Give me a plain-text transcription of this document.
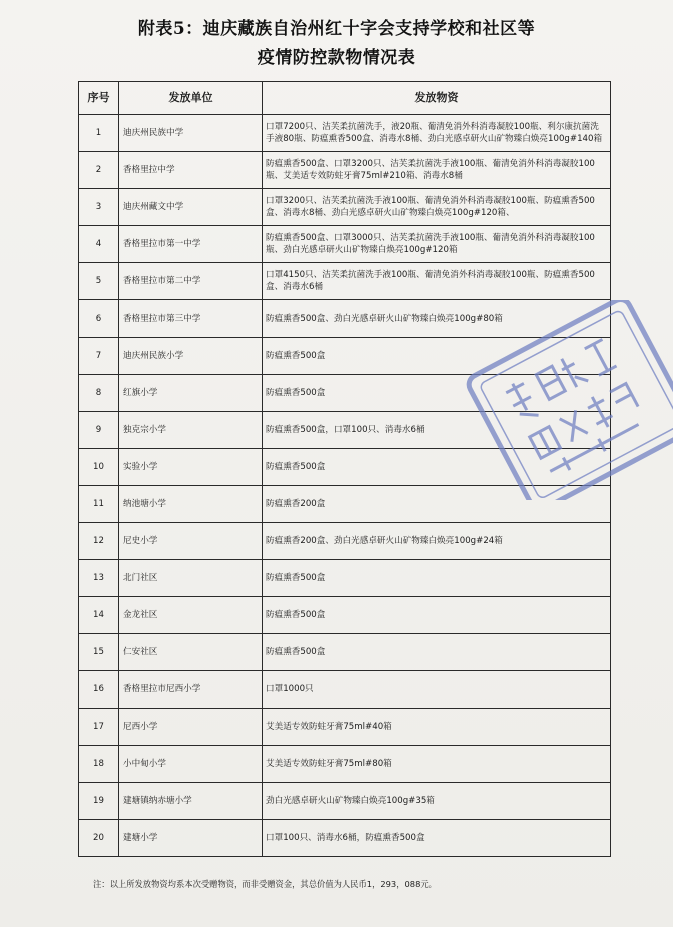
附表5：迪庆藏族自治州红十字会支持学校和社区等
疫情防控款物情况表
序号	发放单位	发放物资
1	迪庆州民族中学	口罩7200只、洁芙柔抗菌洗手，液20瓶、葡清免消外科消毒凝胶100瓶、利尔康抗菌洗手液80瓶、防瘟熏香500盒、消毒水8桶、劲白光感卓研火山矿物臻白焕亮100g#140箱
2	香格里拉中学	防瘟熏香500盒、口罩3200只、洁芙柔抗菌洗手液100瓶、葡清免消外科消毒凝胶100瓶、艾美适专效防蛀牙膏75ml#210箱、消毒水8桶
3	迪庆州藏文中学	口罩3200只、洁芙柔抗菌洗手液100瓶、葡清免消外科消毒凝胶100瓶、防瘟熏香500盒、消毒水8桶、劲白光感卓研火山矿物臻白焕亮100g#120箱、
4	香格里拉市第一中学	防瘟熏香500盒、口罩3000只、洁芙柔抗菌洗手液100瓶、葡清免消外科消毒凝胶100瓶、劲白光感卓研火山矿物臻白焕亮100g#120箱
5	香格里拉市第二中学	口罩4150只、洁芙柔抗菌洗手液100瓶、葡清免消外科消毒凝胶100瓶、防瘟熏香500盒、消毒水6桶
6	香格里拉市第三中学	防瘟熏香500盒、劲白光感卓研火山矿物臻白焕亮100g#80箱
7	迪庆州民族小学	防瘟熏香500盒
8	红旗小学	防瘟熏香500盒
9	独克宗小学	防瘟熏香500盒，口罩100只、消毒水6桶
10	实验小学	防瘟熏香500盒
11	纳池塘小学	防瘟熏香200盒
12	尼史小学	防瘟熏香200盒、劲白光感卓研火山矿物臻白焕亮100g#24箱
13	北门社区	防瘟熏香500盒
14	金龙社区	防瘟熏香500盒
15	仁安社区	防瘟熏香500盒
16	香格里拉市尼西小学	口罩1000只
17	尼西小学	艾美适专效防蛀牙膏75ml#40箱
18	小中甸小学	艾美适专效防蛀牙膏75ml#80箱
19	建塘镇纳赤塘小学	劲白光感卓研火山矿物臻白焕亮100g#35箱
20	建塘小学	口罩100只、消毒水6桶，防瘟熏香500盒
注：以上所发放物资均系本次受赠物资，而非受赠资金，其总价值为人民币1，293，088元。
